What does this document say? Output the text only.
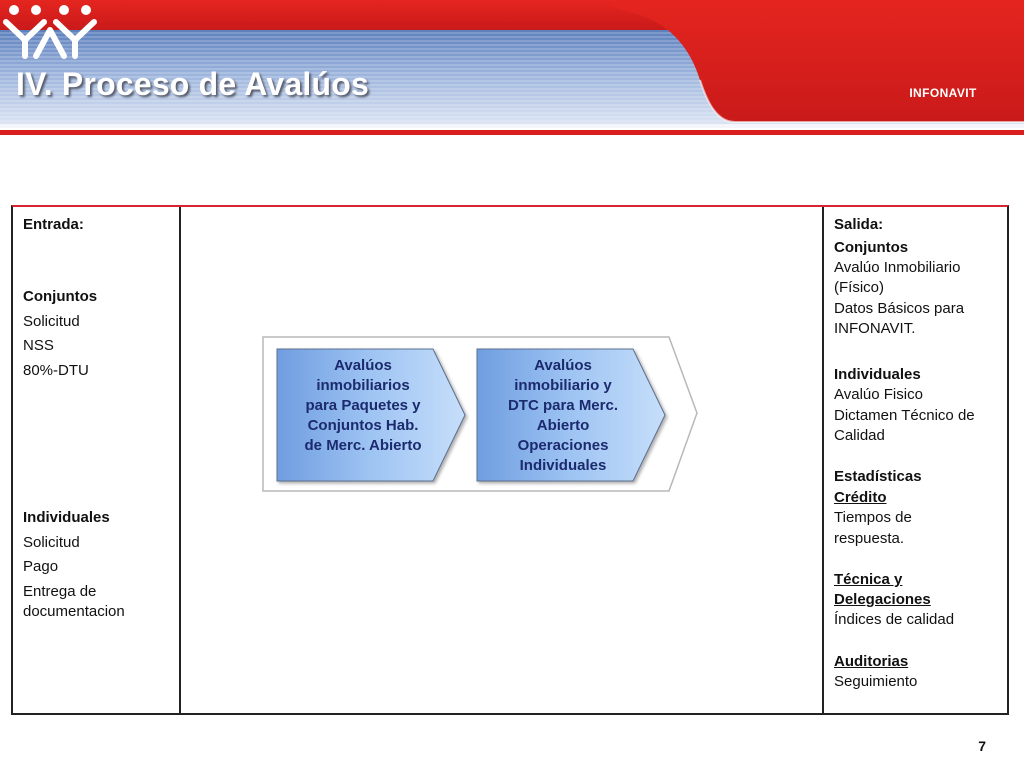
IV. Proceso de Avalúos	INFONAVIT
Entrada:
Conjuntos
Solicitud
NSS
80%-DTU
Individuales
Solicitud
Pago
Entrega de
documentacion
Avalúos
inmobiliarios
para Paquetes y
Conjuntos Hab.
de Merc. Abierto
Avalúos
inmobiliario y
DTC para Merc.
Abierto
Operaciones
Individuales
Salida:
Conjuntos
Avalúo Inmobiliario
(Físico)
Datos Básicos para
INFONAVIT.
Individuales
Avalúo Fisico
Dictamen Técnico de
Calidad
Estadísticas
Crédito
Tiempos de
respuesta.
Técnica y
Delegaciones
Índices de calidad
Auditorias
Seguimiento
7
